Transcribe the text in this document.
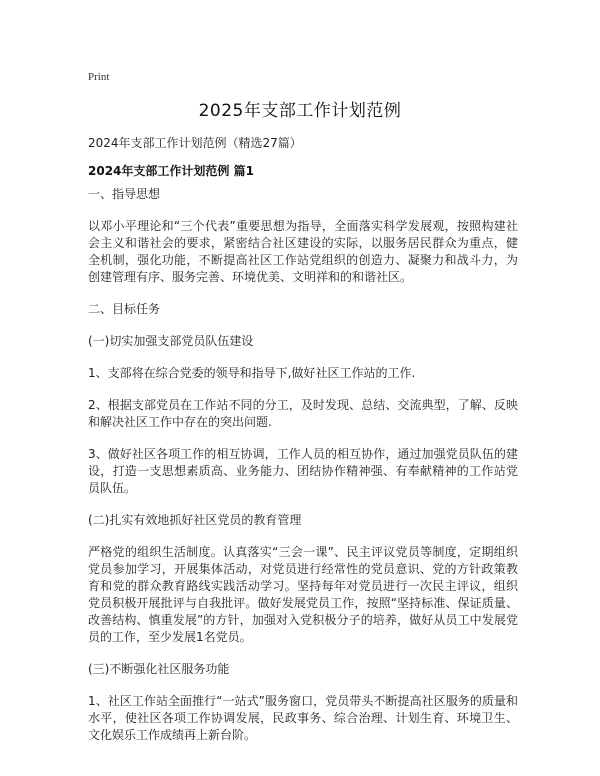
Print
2025年支部工作计划范例
2024年支部工作计划范例（精选27篇）
2024年支部工作计划范例 篇1

一、指导思想

以邓小平理论和“三个代表”重要思想为指导，全面落实科学发展观，按照构建社会主义和谐社会的要求，紧密结合社区建设的实际，以服务居民群众为重点，健全机制，强化功能，不断提高社区工作站党组织的创造力、凝聚力和战斗力，为创建管理有序、服务完善、环境优美、文明祥和的和谐社区。

二、目标任务

(一)切实加强支部党员队伍建设

1、支部将在综合党委的领导和指导下,做好社区工作站的工作.

2、根据支部党员在工作站不同的分工，及时发现、总结、交流典型，了解、反映和解决社区工作中存在的突出问题.

3、做好社区各项工作的相互协调，工作人员的相互协作，通过加强党员队伍的建设，打造一支思想素质高、业务能力、团结协作精神强、有奉献精神的工作站党员队伍。

(二)扎实有效地抓好社区党员的教育管理

严格党的组织生活制度。认真落实“三会一课”、民主评议党员等制度，定期组织党员参加学习，开展集体活动，对党员进行经常性的党员意识、党的方针政策教育和党的群众教育路线实践活动学习。坚持每年对党员进行一次民主评议，组织党员积极开展批评与自我批评。做好发展党员工作，按照“坚持标准、保证质量、改善结构、慎重发展”的方针，加强对入党积极分子的培养，做好从员工中发展党员的工作，至少发展1名党员。

(三)不断强化社区服务功能

1、社区工作站全面推行“一站式”服务窗口，党员带头不断提高社区服务的质量和水平，使社区各项工作协调发展，民政事务、综合治理、计划生育、环境卫生、文化娱乐工作成绩再上新台阶。
